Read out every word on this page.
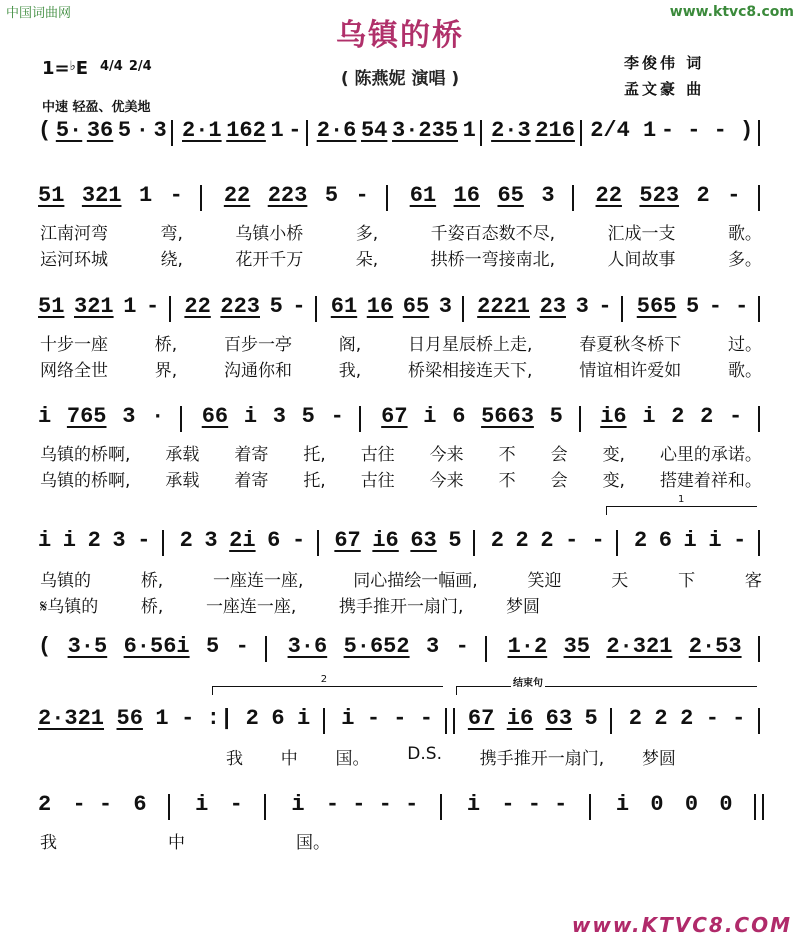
中国词曲网	www.ktvc8.com
乌镇的桥
( 陈燕妮 演唱 )
李俊伟 词
孟文豪 曲
1=♭E 4/4 2/4
中速 轻盈、优美地
( 5· 36 5 · 3 2·1 162 1 - 2·6 54 3·235 1 2·3 216 2/4 1 - - - )
51 321 1 - 22 223 5 - 61 16 65 3 22 523 2 -
江南河弯	弯,	乌镇小桥	多,	千姿百态数不尽,	汇成一支	歌。
运河环城	绕,	花开千万	朵,	拱桥一弯接南北,	人间故事	多。
51 321 1 - 22 223 5 - 61 16 65 3 2221 23 3 - 565 5 - -
十步一座	桥,	百步一亭	阁,	日月星辰桥上走,	春夏秋冬桥下	过。
网络全世	界,	沟通你和	我,	桥梁相接连天下,	情谊相许爱如	歌。
i 765 3 · 66 i 3 5 - 67 i 6 5663 5 i6 i 2 2 -
乌镇的桥啊, 承载 着寄 托, 古往 今来 不 会 变, 心里的承诺。
乌镇的桥啊, 承载 着寄 托, 古往 今来 不 会 变, 搭建着祥和。
1
i i 2 3 - 2 3 2i 6 - 67 i6 63 5 2 2 2 - - 2 6 i i -
乌镇的	桥,	一座连一座,	同心描绘一幅画,	笑迎	天	下	客
𝄋乌镇的	桥,	一座连一座,	携手推开一扇门,	梦圆
( 3·5 6·56i 5 - 3·6 5·652 3 - 1·2 35 2·321 2·53
2	结束句
2·321 56 1 - :| 2 6 i i - - - 67 i6 63 5 2 2 2 - -
我 中 国。 D.S. 携手推开一扇门, 梦圆
2 - - 6 i - i - - - - i - - - i 0 0 0
我	中	国。
www.KTVC8.COM
